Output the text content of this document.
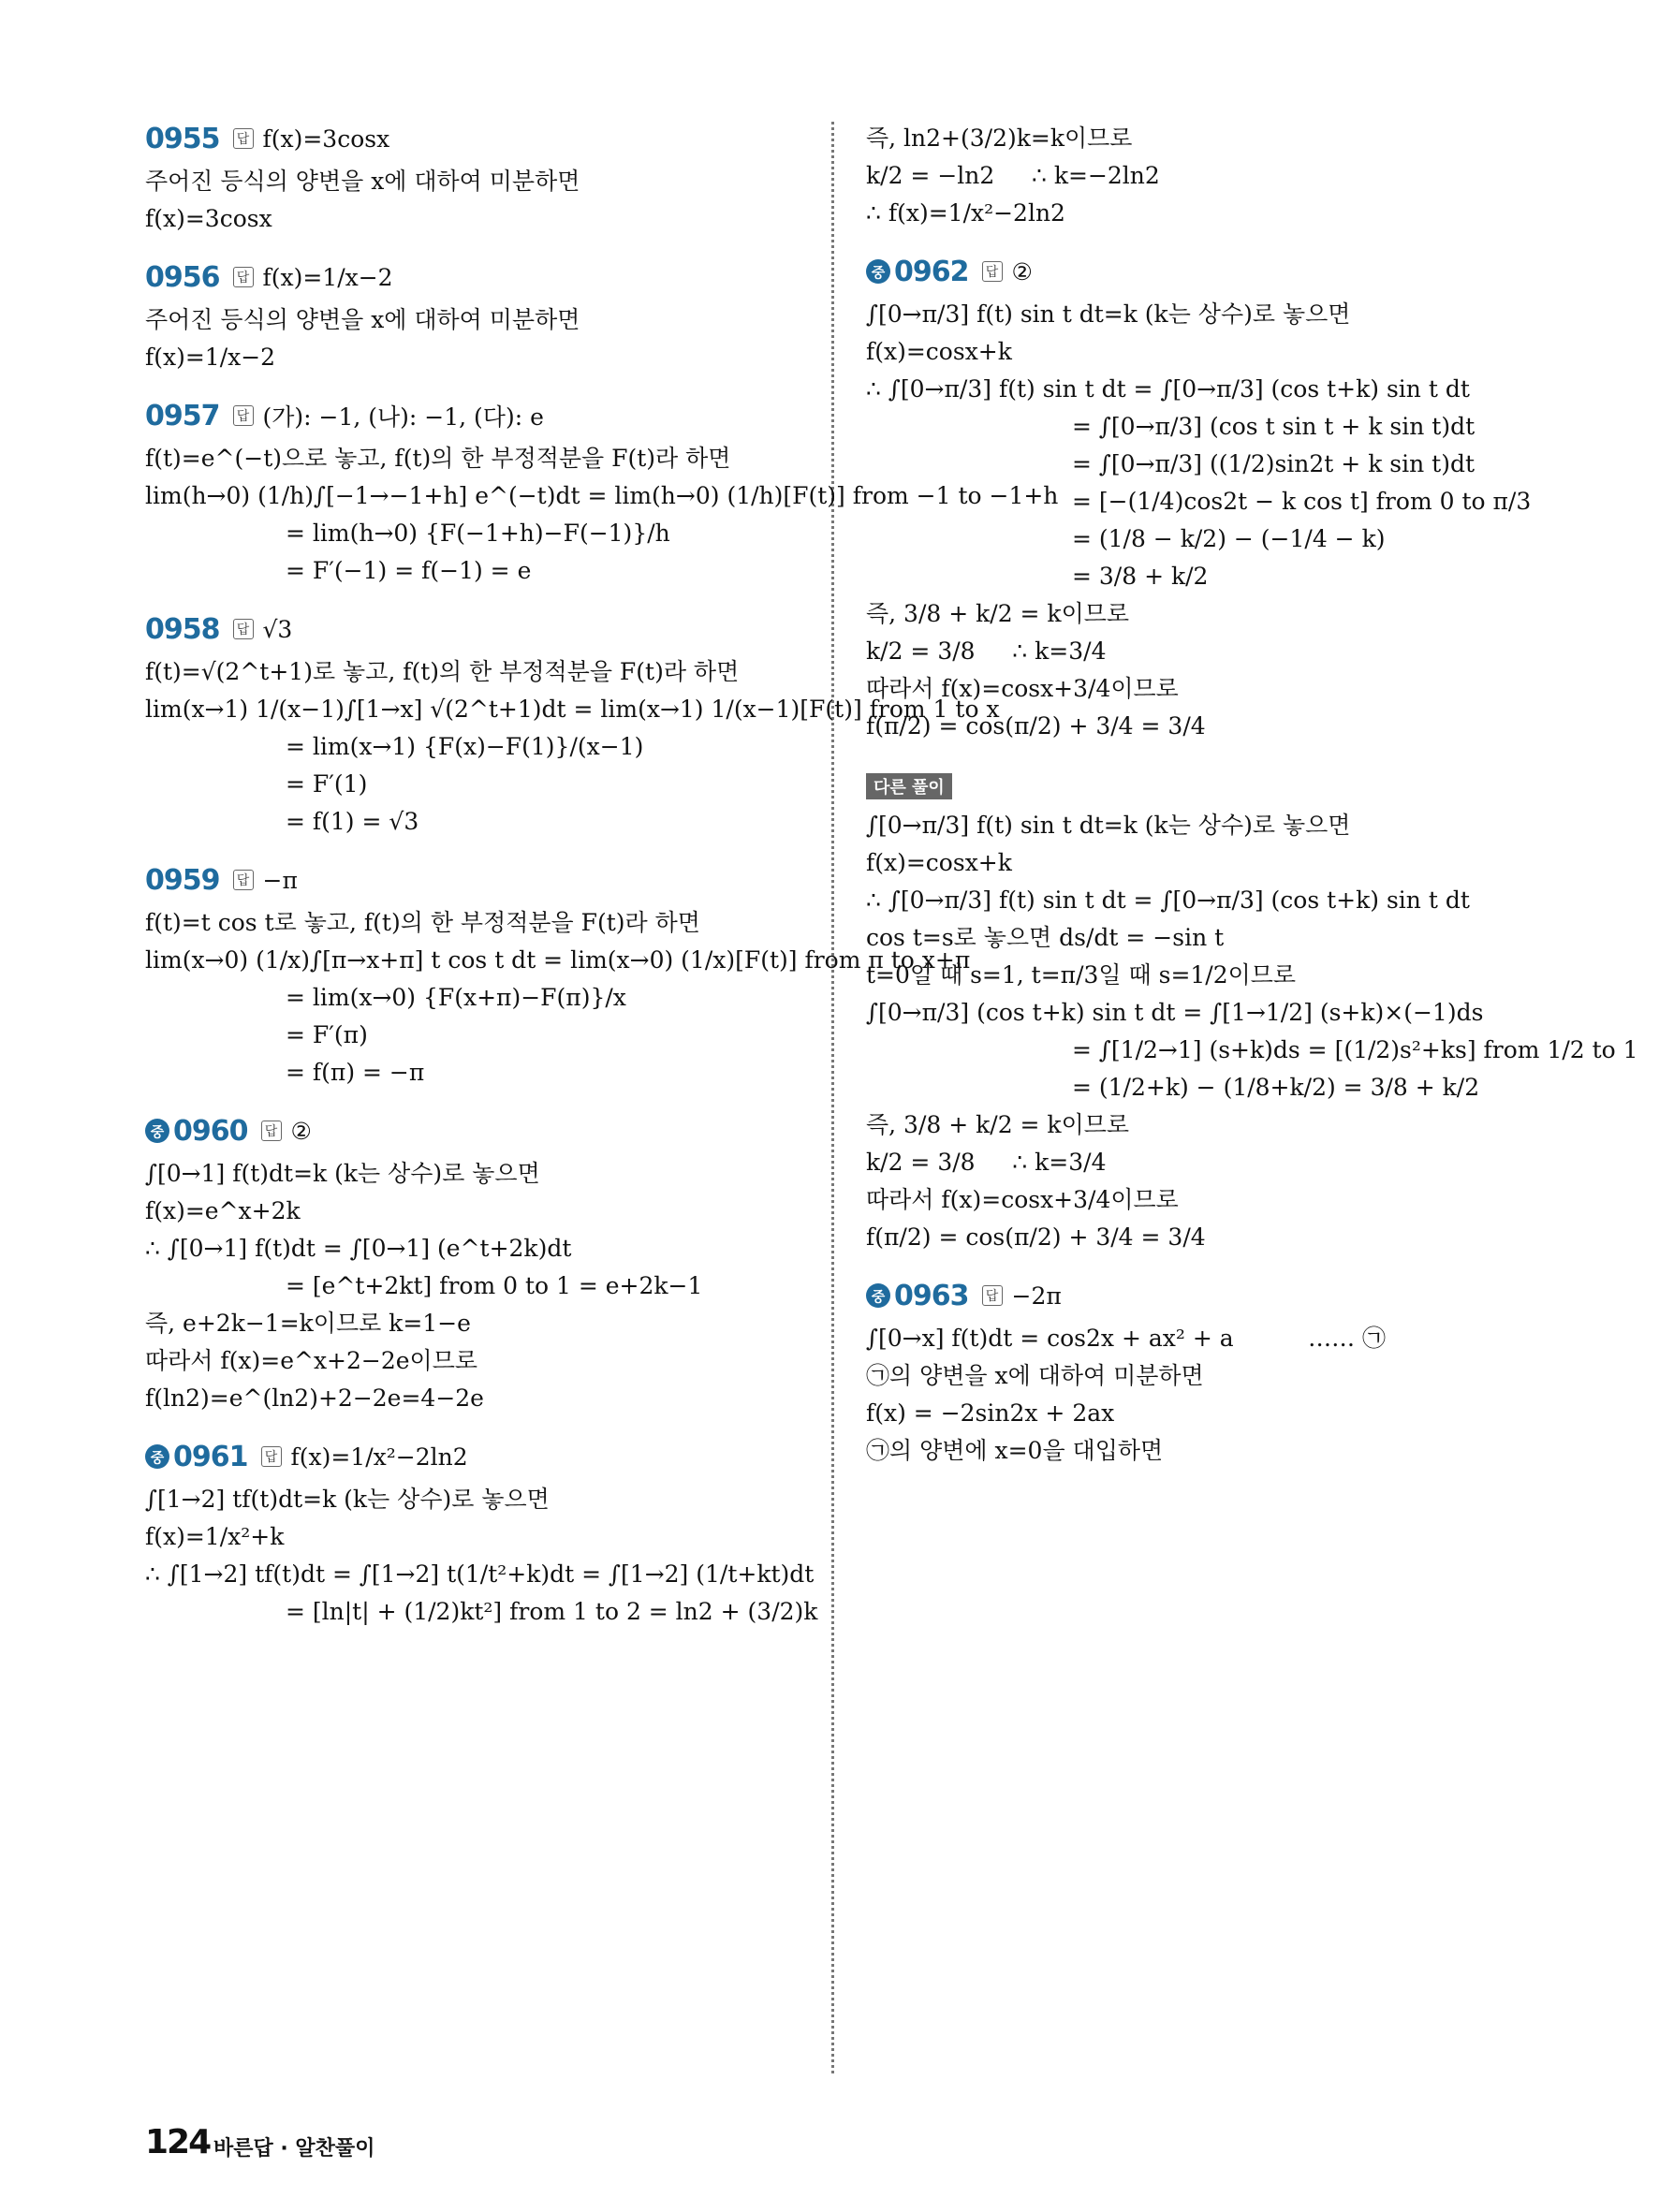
0955	답 f(x)=3cosx
주어진 등식의 양변을 x에 대하여 미분하면
f(x)=3cosx
0956	답 f(x)=1/x−2
주어진 등식의 양변을 x에 대하여 미분하면
f(x)=1/x−2
0957	답 (가): −1, (나): −1, (다): e
f(t)=e^(−t)으로 놓고, f(t)의 한 부정적분을 F(t)라 하면
lim(h→0) (1/h)∫[−1→−1+h] e^(−t)dt = lim(h→0) (1/h)[F(t)] from −1 to −1+h
= lim(h→0) {F(−1+h)−F(−1)}/h
= F′(−1) = f(−1) = e
0958	답 √3
f(t)=√(2^t+1)로 놓고, f(t)의 한 부정적분을 F(t)라 하면
lim(x→1) 1/(x−1)∫[1→x] √(2^t+1)dt = lim(x→1) 1/(x−1)[F(t)] from 1 to x
= lim(x→1) {F(x)−F(1)}/(x−1)
= F′(1)
= f(1) = √3
0959	답 −π
f(t)=t cos t로 놓고, f(t)의 한 부정적분을 F(t)라 하면
lim(x→0) (1/x)∫[π→x+π] t cos t dt = lim(x→0) (1/x)[F(t)] from π to x+π
= lim(x→0) {F(x+π)−F(π)}/x
= F′(π)
= f(π) = −π
중 0960	답 ②
∫[0→1] f(t)dt=k (k는 상수)로 놓으면
f(x)=e^x+2k
∴ ∫[0→1] f(t)dt = ∫[0→1] (e^t+2k)dt
= [e^t+2kt] from 0 to 1 = e+2k−1
즉, e+2k−1=k이므로 k=1−e
따라서 f(x)=e^x+2−2e이므로
f(ln2)=e^(ln2)+2−2e=4−2e
중 0961	답 f(x)=1/x²−2ln2
∫[1→2] tf(t)dt=k (k는 상수)로 놓으면
f(x)=1/x²+k
∴ ∫[1→2] tf(t)dt = ∫[1→2] t(1/t²+k)dt = ∫[1→2] (1/t+kt)dt
= [ln|t| + (1/2)kt²] from 1 to 2 = ln2 + (3/2)k
즉, ln2+(3/2)k=k이므로
k/2 = −ln2     ∴ k=−2ln2
∴ f(x)=1/x²−2ln2
중 0962	답 ②
∫[0→π/3] f(t) sin t dt=k (k는 상수)로 놓으면
f(x)=cosx+k
∴ ∫[0→π/3] f(t) sin t dt = ∫[0→π/3] (cos t+k) sin t dt
= ∫[0→π/3] (cos t sin t + k sin t)dt
= ∫[0→π/3] ((1/2)sin2t + k sin t)dt
= [−(1/4)cos2t − k cos t] from 0 to π/3
= (1/8 − k/2) − (−1/4 − k)
= 3/8 + k/2
즉, 3/8 + k/2 = k이므로
k/2 = 3/8     ∴ k=3/4
따라서 f(x)=cosx+3/4이므로
f(π/2) = cos(π/2) + 3/4 = 3/4
다른 풀이
∫[0→π/3] f(t) sin t dt=k (k는 상수)로 놓으면
f(x)=cosx+k
∴ ∫[0→π/3] f(t) sin t dt = ∫[0→π/3] (cos t+k) sin t dt
cos t=s로 놓으면 ds/dt = −sin t
t=0일 때 s=1, t=π/3일 때 s=1/2이므로
∫[0→π/3] (cos t+k) sin t dt = ∫[1→1/2] (s+k)×(−1)ds
= ∫[1/2→1] (s+k)ds = [(1/2)s²+ks] from 1/2 to 1
= (1/2+k) − (1/8+k/2) = 3/8 + k/2
즉, 3/8 + k/2 = k이므로
k/2 = 3/8     ∴ k=3/4
따라서 f(x)=cosx+3/4이므로
f(π/2) = cos(π/2) + 3/4 = 3/4
중 0963	답 −2π
∫[0→x] f(t)dt = cos2x + ax² + a          …… ㉠
㉠의 양변을 x에 대하여 미분하면
f(x) = −2sin2x + 2ax
㉠의 양변에 x=0을 대입하면
124 바른답 · 알찬풀이
